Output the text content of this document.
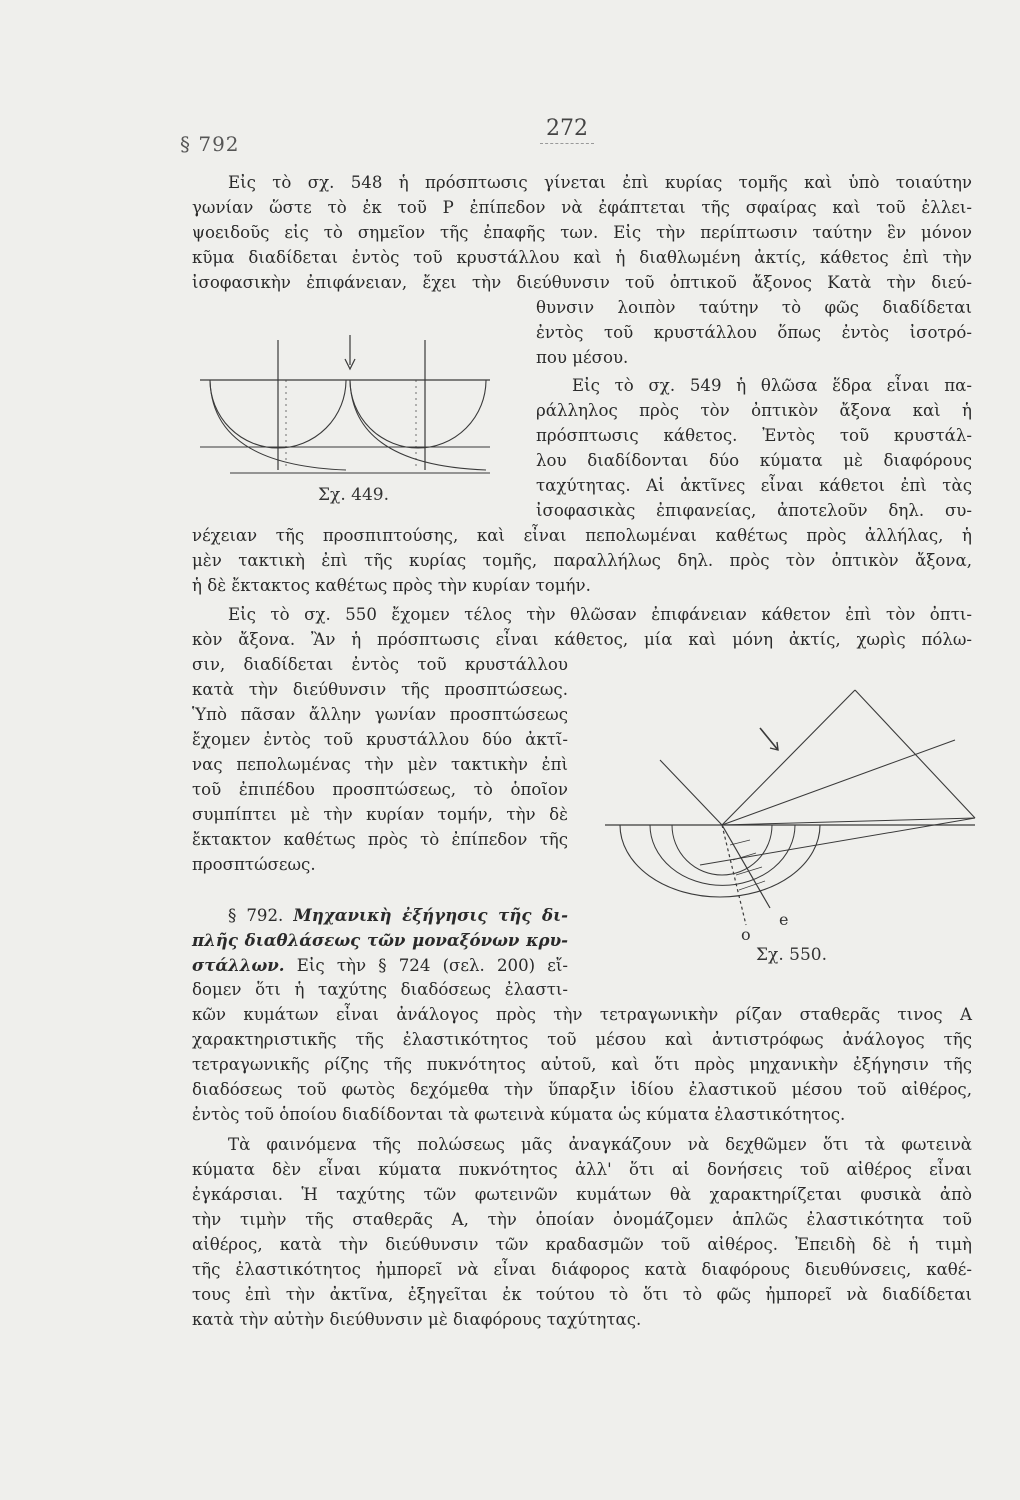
§ 792
272
Εἰς τὸ σχ. 548 ἡ πρόσπτωσις γίνεται ἐπὶ κυρίας τομῆς καὶ ὑπὸ τοιαύτην
γωνίαν ὥστε τὸ ἐκ τοῦ P ἐπίπεδον νὰ ἐφάπτεται τῆς σφαίρας καὶ τοῦ ἐλλει-
ψοειδοῦς εἰς τὸ σημεῖον τῆς ἐπαφῆς των. Εἰς τὴν περίπτωσιν ταύτην ἓν μόνον
κῦμα διαδίδεται ἐντὸς τοῦ κρυστάλλου καὶ ἡ διαθλωμένη ἀκτίς, κάθετος ἐπὶ τὴν
ἰσοφασικὴν ἐπιφάνειαν, ἔχει τὴν διεύθυνσιν τοῦ ὀπτικοῦ ἄξονος Κατὰ τὴν διεύ-
θυνσιν λοιπὸν ταύτην τὸ φῶς διαδίδεται
ἐντὸς τοῦ κρυστάλλου ὅπως ἐντὸς ἰσοτρό-
που μέσου.
Εἰς τὸ σχ. 549 ἡ θλῶσα ἕδρα εἶναι πα-
ράλληλος πρὸς τὸν ὀπτικὸν ἄξονα καὶ ἡ
πρόσπτωσις κάθετος. Ἐντὸς τοῦ κρυστάλ-
λου διαδίδονται δύο κύματα μὲ διαφόρους
ταχύτητας. Αἱ ἀκτῖνες εἶναι κάθετοι ἐπὶ τὰς
ἰσοφασικὰς ἐπιφανείας, ἀποτελοῦν δηλ. συ-
Σχ. 449.
νέχειαν τῆς προσπιπτούσης, καὶ εἶναι πεπολωμέναι καθέτως πρὸς ἀλλήλας, ἡ
μὲν τακτικὴ ἐπὶ τῆς κυρίας τομῆς, παραλλήλως δηλ. πρὸς τὸν ὀπτικὸν ἄξονα,
ἡ δὲ ἔκτακτος καθέτως πρὸς τὴν κυρίαν τομήν.
Εἰς τὸ σχ. 550 ἔχομεν τέλος τὴν θλῶσαν ἐπιφάνειαν κάθετον ἐπὶ τὸν ὀπτι-
κὸν ἄξονα. Ἂν ἡ πρόσπτωσις εἶναι κάθετος, μία καὶ μόνη ἀκτίς, χωρὶς πόλω-
σιν, διαδίδεται ἐντὸς τοῦ κρυστάλλου
κατὰ τὴν διεύθυνσιν τῆς προσπτώσεως.
Ὑπὸ πᾶσαν ἄλλην γωνίαν προσπτώσεως
ἔχομεν ἐντὸς τοῦ κρυστάλλου δύο ἀκτῖ-
νας πεπολωμένας τὴν μὲν τακτικὴν ἐπὶ
τοῦ ἐπιπέδου προσπτώσεως, τὸ ὁποῖον
συμπίπτει μὲ τὴν κυρίαν τομήν, τὴν δὲ
ἔκτακτον καθέτως πρὸς τὸ ἐπίπεδον τῆς
προσπτώσεως.
o
e
Σχ. 550.
§ 792. Μηχανικὴ ἐξήγησις τῆς δι-
πλῆς διαθλάσεως τῶν μοναξόνων κρυ-
στάλλων. Εἰς τὴν § 724 (σελ. 200) εἴ-
δομεν ὅτι ἡ ταχύτης διαδόσεως ἐλαστι-
κῶν κυμάτων εἶναι ἀνάλογος πρὸς τὴν τετραγωνικὴν ρίζαν σταθερᾶς τινος A
χαρακτηριστικῆς τῆς ἐλαστικότητος τοῦ μέσου καὶ ἀντιστρόφως ἀνάλογος τῆς
τετραγωνικῆς ρίζης τῆς πυκνότητος αὐτοῦ, καὶ ὅτι πρὸς μηχανικὴν ἐξήγησιν τῆς
διαδόσεως τοῦ φωτὸς δεχόμεθα τὴν ὕπαρξιν ἰδίου ἐλαστικοῦ μέσου τοῦ αἰθέρος,
ἐντὸς τοῦ ὁποίου διαδίδονται τὰ φωτεινὰ κύματα ὡς κύματα ἐλαστικότητος.
Τὰ φαινόμενα τῆς πολώσεως μᾶς ἀναγκάζουν νὰ δεχθῶμεν ὅτι τὰ φωτεινὰ
κύματα δὲν εἶναι κύματα πυκνότητος ἀλλ' ὅτι αἱ δονήσεις τοῦ αἰθέρος εἶναι
ἐγκάρσιαι. Ἡ ταχύτης τῶν φωτεινῶν κυμάτων θὰ χαρακτηρίζεται φυσικὰ ἀπὸ
τὴν τιμὴν τῆς σταθερᾶς A, τὴν ὁποίαν ὀνομάζομεν ἁπλῶς ἐλαστικότητα τοῦ
αἰθέρος, κατὰ τὴν διεύθυνσιν τῶν κραδασμῶν τοῦ αἰθέρος. Ἐπειδὴ δὲ ἡ τιμὴ
τῆς ἐλαστικότητος ἠμπορεῖ νὰ εἶναι διάφορος κατὰ διαφόρους διευθύνσεις, καθέ-
τους ἐπὶ τὴν ἀκτῖνα, ἐξηγεῖται ἐκ τούτου τὸ ὅτι τὸ φῶς ἠμπορεῖ νὰ διαδίδεται
κατὰ τὴν αὐτὴν διεύθυνσιν μὲ διαφόρους ταχύτητας.
